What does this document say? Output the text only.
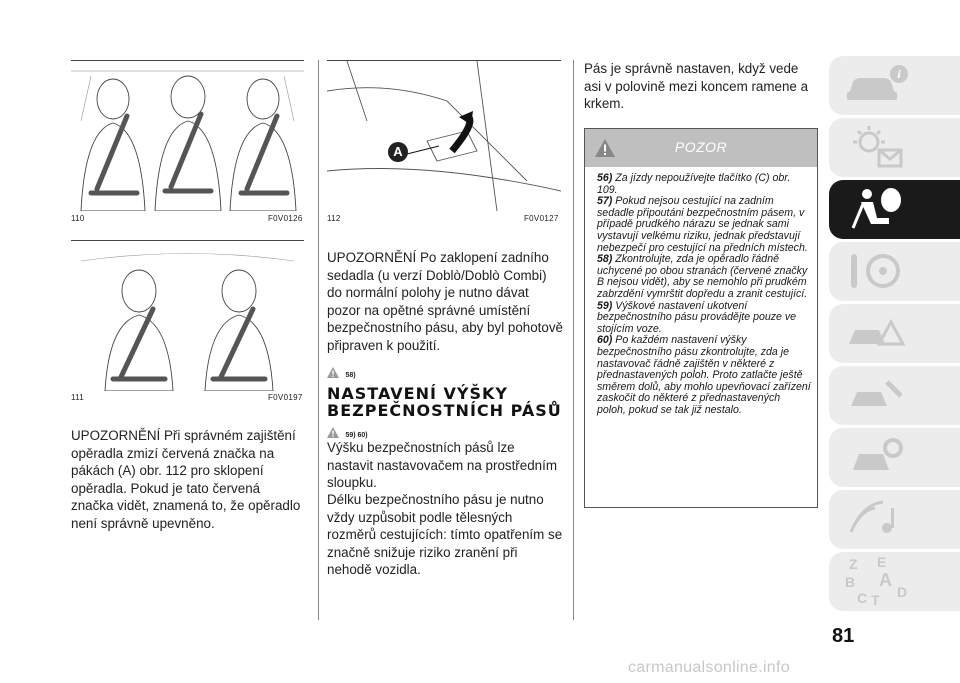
110	F0V0126
111	F0V0197

UPOZORNĚNÍ Při správném zajištění opěradla zmizí červená značka na pákách (A) obr. 112 pro sklopení opěradla. Pokud je tato červená značka vidět, znamená to, že opěradlo není správně upevněno.

A
112	F0V0127

UPOZORNĚNÍ Po zaklopení zadního sedadla (u verzí Doblò/Doblò Combi) do normální polohy je nutno dávat pozor na opětné správné umístění bezpečnostního pásu, aby byl pohotově připraven k použití.

58)
NASTAVENÍ VÝŠKY
BEZPEČNOSTNÍCH PÁSŮ
59) 60)

Výšku bezpečnostních pásů lze nastavit nastavovačem na prostředním sloupku.

Délku bezpečnostního pásu je nutno vždy uzpůsobit podle tělesných rozměrů cestujících: tímto opatřením se značně snižuje riziko zranění při nehodě vozidla.

Pás je správně nastaven, když vede asi v polovině mezi koncem ramene a krkem.

POZOR
56) Za jízdy nepoužívejte tlačítko (C) obr. 109.
57) Pokud nejsou cestující na zadním sedadle připoutáni bezpečnostním pásem, v případě prudkého nárazu se jednak sami vystavují velkému riziku, jednak představují nebezpečí pro cestující na předních místech.
58) Zkontrolujte, zda je opěradlo řádně uchycené po obou stranách (červené značky B nejsou vidět), aby se nemohlo při prudkém zabrzdění vymrštit dopředu a zranit cestující.
59) Výškové nastavení ukotvení bezpečnostního pásu provádějte pouze ve stojícím voze.
60) Po každém nastavení výšky bezpečnostního pásu zkontrolujte, zda je nastavovač řádně zajištěn v některé z přednastavených poloh. Proto zatlačte ještě směrem dolů, aby mohlo upevňovací zařízení zaskočit do některé z přednastavených poloh, pokud se tak již nestalo.
i
Z E
B A
C T D
81
carmanualsonline.info
